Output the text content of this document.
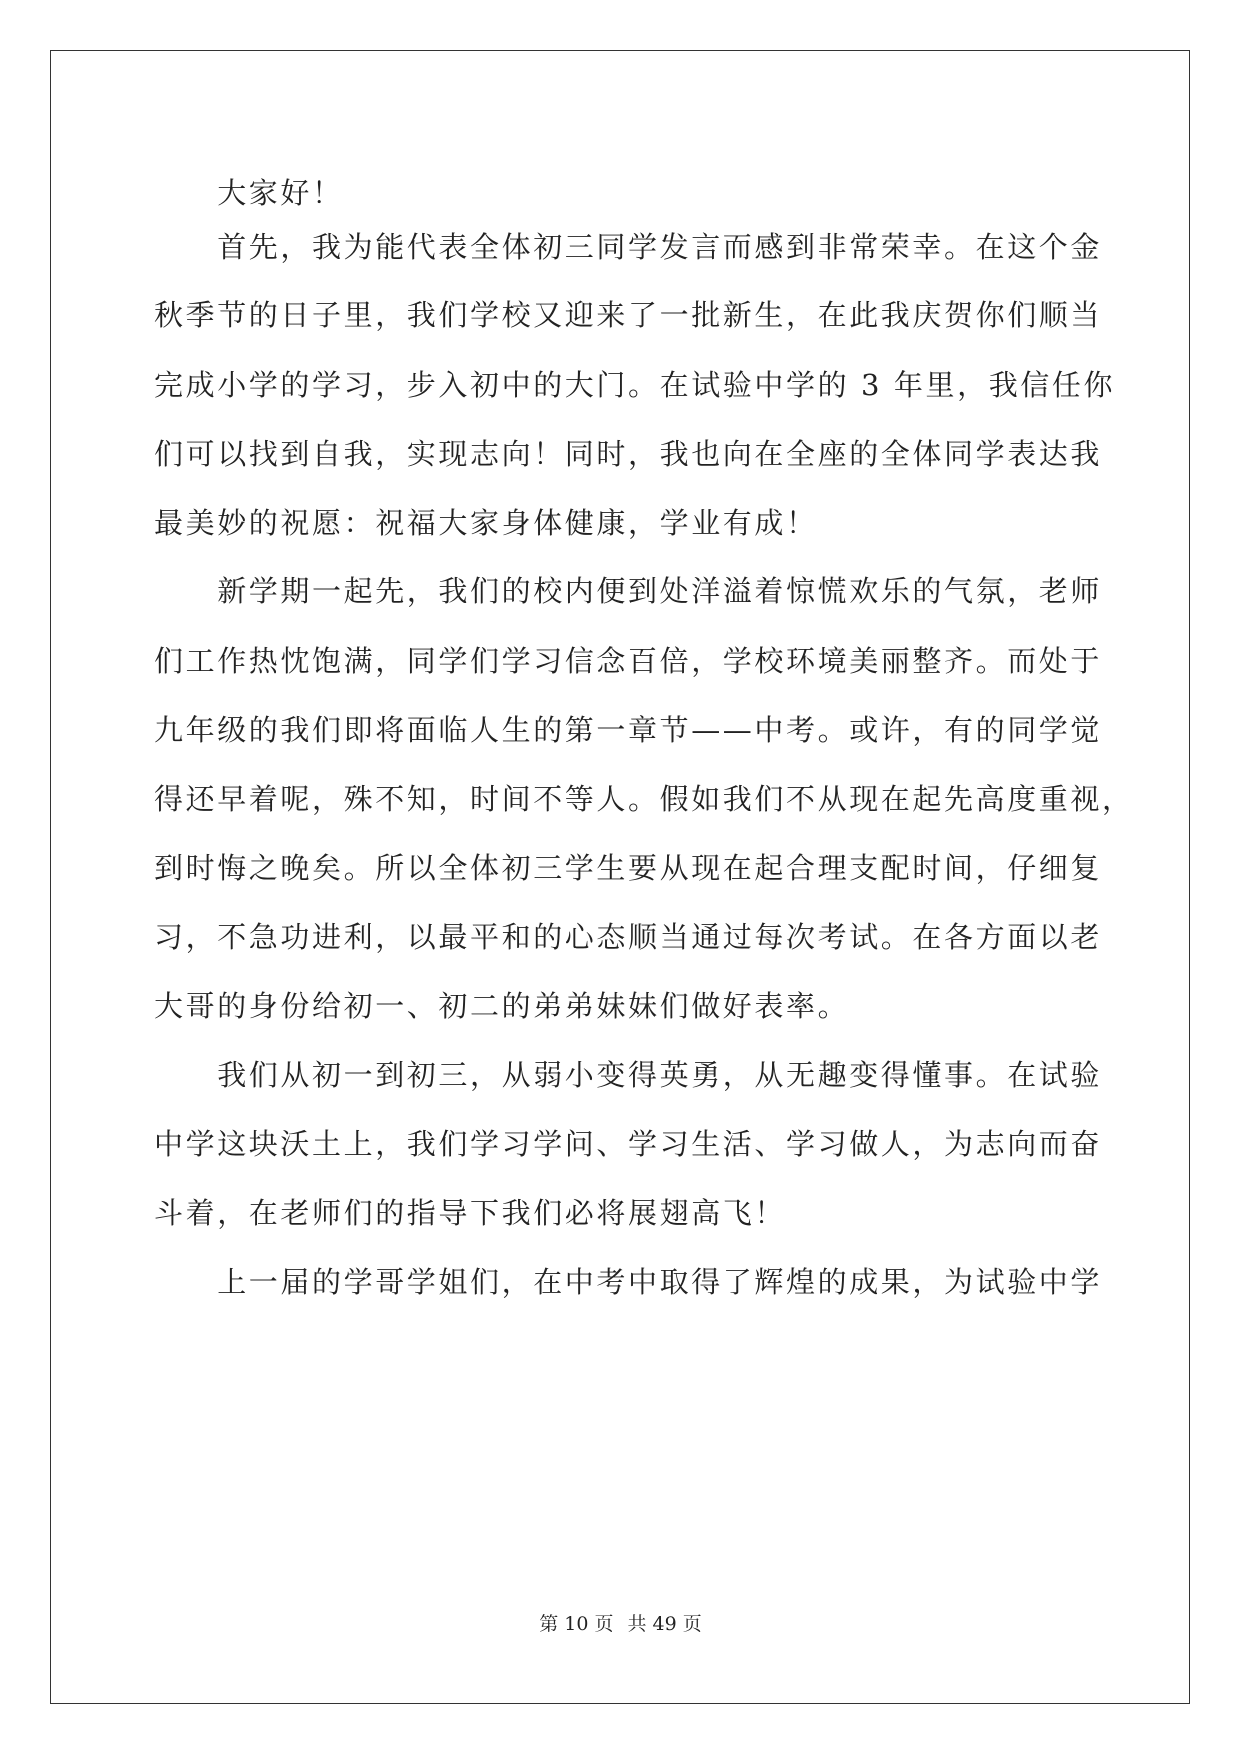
　　大家好！
　　首先，我为能代表全体初三同学发言而感到非常荣幸。在这个金
秋季节的日子里，我们学校又迎来了一批新生，在此我庆贺你们顺当
完成小学的学习，步入初中的大门。在试验中学的 3 年里，我信任你
们可以找到自我，实现志向！同时，我也向在全座的全体同学表达我
最美妙的祝愿：祝福大家身体健康，学业有成！
　　新学期一起先，我们的校内便到处洋溢着惊慌欢乐的气氛，老师
们工作热忱饱满，同学们学习信念百倍，学校环境美丽整齐。而处于
九年级的我们即将面临人生的第一章节——中考。或许，有的同学觉
得还早着呢，殊不知，时间不等人。假如我们不从现在起先高度重视，
到时悔之晚矣。所以全体初三学生要从现在起合理支配时间，仔细复
习，不急功进利，以最平和的心态顺当通过每次考试。在各方面以老
大哥的身份给初一、初二的弟弟妹妹们做好表率。
　　我们从初一到初三，从弱小变得英勇，从无趣变得懂事。在试验
中学这块沃土上，我们学习学问、学习生活、学习做人，为志向而奋
斗着，在老师们的指导下我们必将展翅高飞！
　　上一届的学哥学姐们，在中考中取得了辉煌的成果，为试验中学
第 10 页 共 49 页
